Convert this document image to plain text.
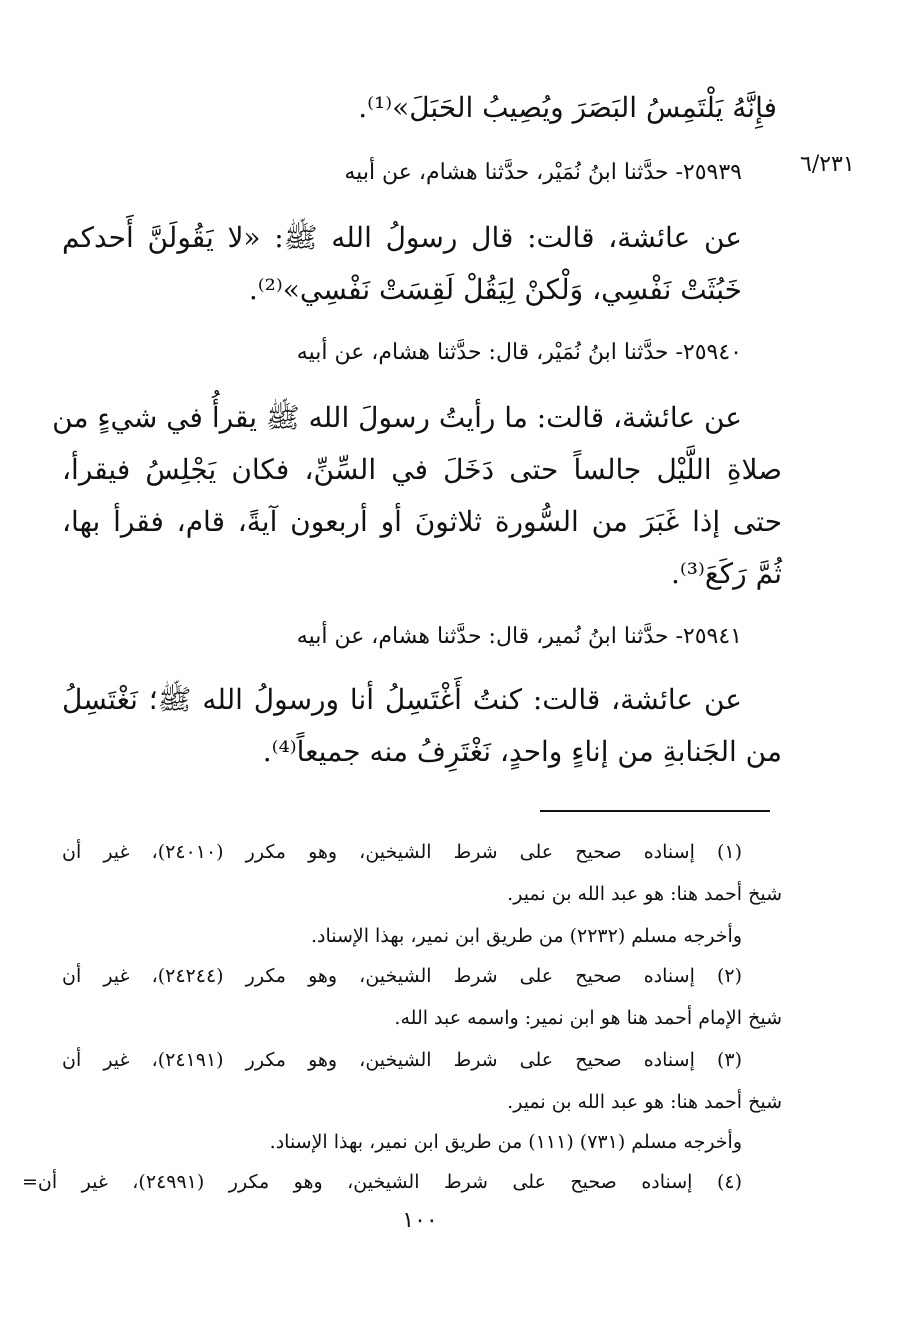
٦/٢٣١
فإِنَّهُ يَلْتَمِسُ البَصَرَ ويُصِيبُ الحَبَلَ»⁽¹⁾.
٢٥٩٣٩- حدَّثنا ابنُ نُمَيْر، حدَّثنا هشام، عن أبيه
عن عائشة، قالت: قال رسولُ الله ﷺ: «لا يَقُولَنَّ أَحدكم
خَبُثَتْ نَفْسِي، وَلْكنْ لِيَقُلْ لَقِسَتْ نَفْسِي»⁽²⁾.
٢٥٩٤٠- حدَّثنا ابنُ نُمَيْر، قال: حدَّثنا هشام، عن أبيه
عن عائشة، قالت: ما رأيتُ رسولَ الله ﷺ يقرأُ في شيءٍ من
صلاةِ اللَّيْل جالساً حتى دَخَلَ في السِّنِّ، فكان يَجْلِسُ فيقرأ،
حتى إذا غَبَرَ من السُّورة ثلاثونَ أو أربعون آيةً، قام، فقرأ بها،
ثُمَّ رَكَعَ⁽³⁾.
٢٥٩٤١- حدَّثنا ابنُ نُمير، قال: حدَّثنا هشام، عن أبيه
عن عائشة، قالت: كنتُ أَغْتَسِلُ أنا ورسولُ الله ﷺ؛ نَغْتَسِلُ
من الجَنابةِ من إناءٍ واحدٍ، نَغْتَرِفُ منه جميعاً⁽⁴⁾.
(١) إسناده صحيح على شرط الشيخين، وهو مكرر (٢٤٠١٠)، غير أن
شيخ أحمد هنا: هو عبد الله بن نمير.
وأخرجه مسلم (٢٢٣٢) من طريق ابن نمير، بهذا الإسناد.
(٢) إسناده صحيح على شرط الشيخين، وهو مكرر (٢٤٢٤٤)، غير أن
شيخ الإمام أحمد هنا هو ابن نمير: واسمه عبد الله.
(٣) إسناده صحيح على شرط الشيخين، وهو مكرر (٢٤١٩١)، غير أن
شيخ أحمد هنا: هو عبد الله بن نمير.
وأخرجه مسلم (٧٣١) (١١١) من طريق ابن نمير، بهذا الإسناد.
(٤) إسناده صحيح على شرط الشيخين، وهو مكرر (٢٤٩٩١)، غير أن=
١٠٠
